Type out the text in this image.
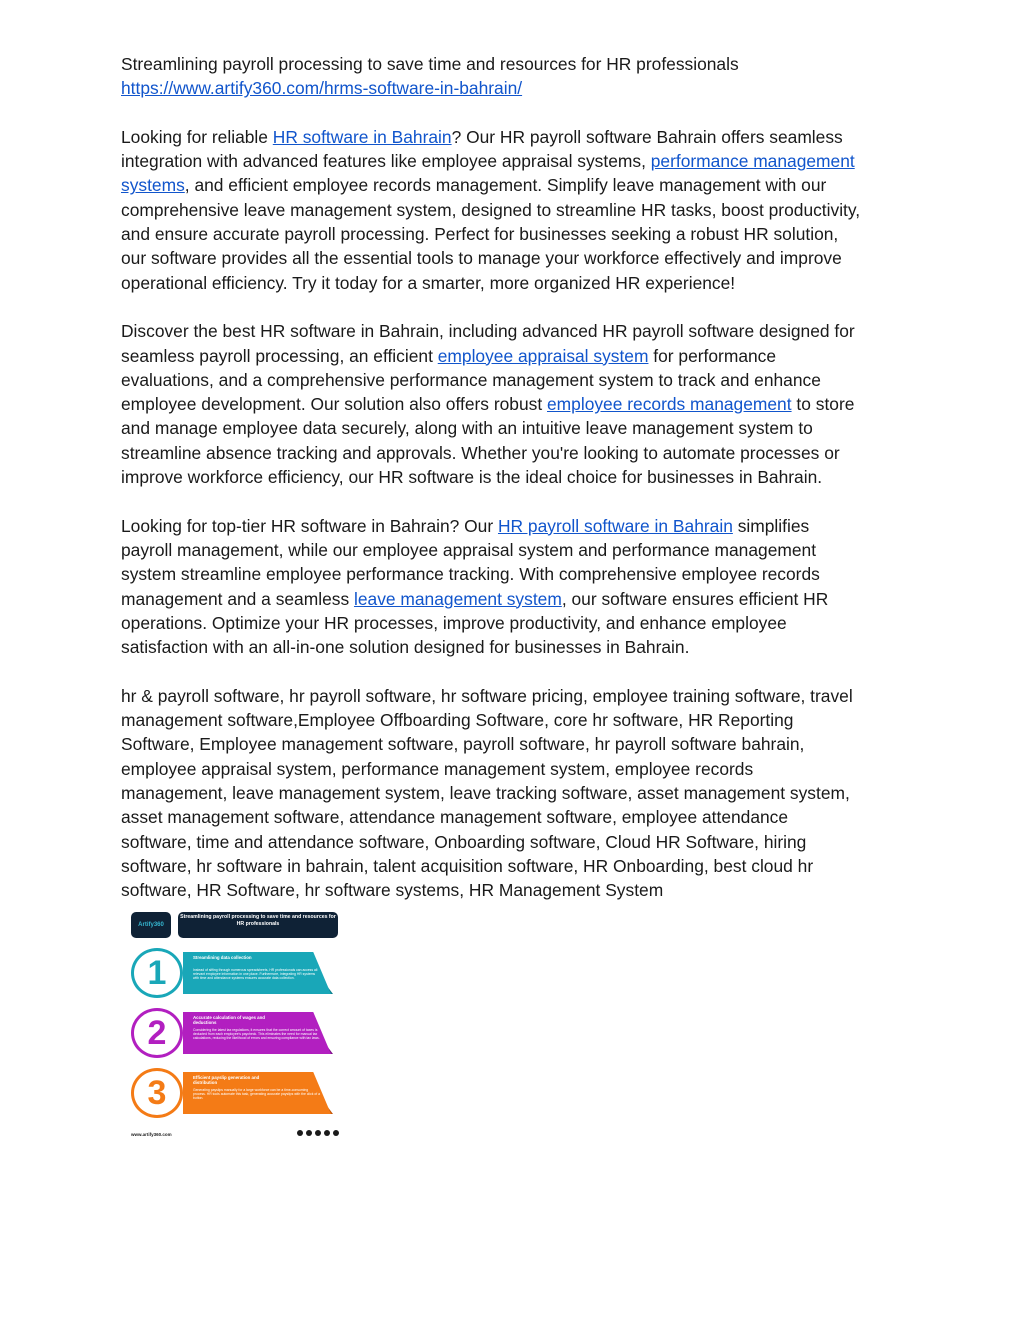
Streamlining payroll processing to save time and resources for HR professionals

https://www.artify360.com/hrms-software-in-bahrain/

Looking for reliable HR software in Bahrain? Our HR payroll software Bahrain offers seamless

integration with advanced features like employee appraisal systems, performance management

systems, and efficient employee records management. Simplify leave management with our

comprehensive leave management system, designed to streamline HR tasks, boost productivity,

and ensure accurate payroll processing. Perfect for businesses seeking a robust HR solution,

our software provides all the essential tools to manage your workforce effectively and improve

operational efficiency. Try it today for a smarter, more organized HR experience!

Discover the best HR software in Bahrain, including advanced HR payroll software designed for

seamless payroll processing, an efficient employee appraisal system for performance

evaluations, and a comprehensive performance management system to track and enhance

employee development. Our solution also offers robust employee records management to store

and manage employee data securely, along with an intuitive leave management system to

streamline absence tracking and approvals. Whether you're looking to automate processes or

improve workforce efficiency, our HR software is the ideal choice for businesses in Bahrain.

Looking for top-tier HR software in Bahrain? Our HR payroll software in Bahrain simplifies

payroll management, while our employee appraisal system and performance management

system streamline employee performance tracking. With comprehensive employee records

management and a seamless leave management system, our software ensures efficient HR

operations. Optimize your HR processes, improve productivity, and enhance employee

satisfaction with an all-in-one solution designed for businesses in Bahrain.

hr & payroll software, hr payroll software, hr software pricing, employee training software, travel

management software,Employee Offboarding Software, core hr software, HR Reporting

Software, Employee management software, payroll software, hr payroll software bahrain,

employee appraisal system, performance management system, employee records

management, leave management system, leave tracking software, asset management system,

asset management software, attendance management software, employee attendance

software, time and attendance software, Onboarding software, Cloud HR Software, hiring

software, hr software in bahrain, talent acquisition software, HR Onboarding, best cloud hr

software, HR Software, hr software systems, HR Management System

Artify360
Streamlining payroll processing to save time and resources for HR professionals
1	Streamlining data collection
Instead of sifting through numerous spreadsheets, HR professionals can access all relevant employee information in one place. Furthermore, integrating HR systems with time and attendance systems ensures accurate data collection.
2	Accurate calculation of wages and deductions
Considering the latest tax regulations, it ensures that the correct amount of taxes is deducted from each employee's paycheck. This eliminates the need for manual tax calculations, reducing the likelihood of errors and ensuring compliance with tax laws.
3	Efficient payslip generation and distribution
Generating payslips manually for a large workforce can be a time-consuming process. HR tools automate this task, generating accurate payslips with the click of a button.
www.artify360.com
